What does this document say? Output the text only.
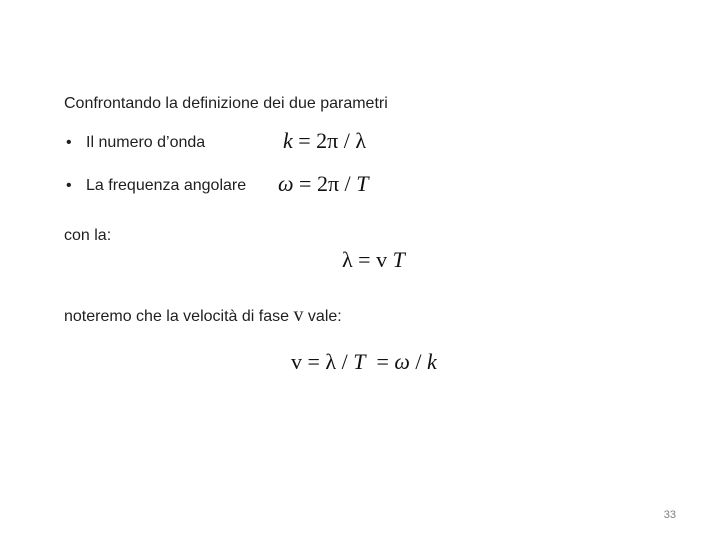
Confrontando la definizione dei due parametri
• Il numero d’onda	k = 2π / λ
• La frequenza angolare ω = 2π / T
con la:
λ = v T
noteremo che la velocità di fase v vale:
v = λ / T  = ω / k
33
